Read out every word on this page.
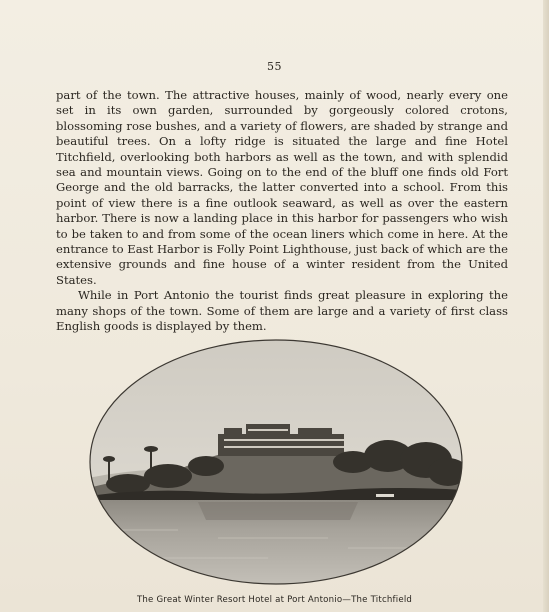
55

part of the town. The attractive houses, mainly of wood, nearly every one set in its own garden, surrounded by gorgeously colored crotons, blossoming rose bushes, and a variety of flowers, are shaded by strange and beautiful trees. On a lofty ridge is situated the large and fine Hotel Titchfield, overlooking both harbors as well as the town, and with splendid sea and mountain views. Going on to the end of the bluff one finds old Fort George and the old barracks, the latter converted into a school. From this point of view there is a fine outlook seaward, as well as over the eastern harbor. There is now a landing place in this harbor for passengers who wish to be taken to and from some of the ocean liners which come in here. At the entrance to East Harbor is Folly Point Lighthouse, just back of which are the extensive grounds and fine house of a winter resident from the United States.

While in Port Antonio the tourist finds great pleasure in exploring the many shops of the town. Some of them are large and a variety of first class English goods is displayed by them.

The Great Winter Resort Hotel at Port Antonio—The Titchfield
